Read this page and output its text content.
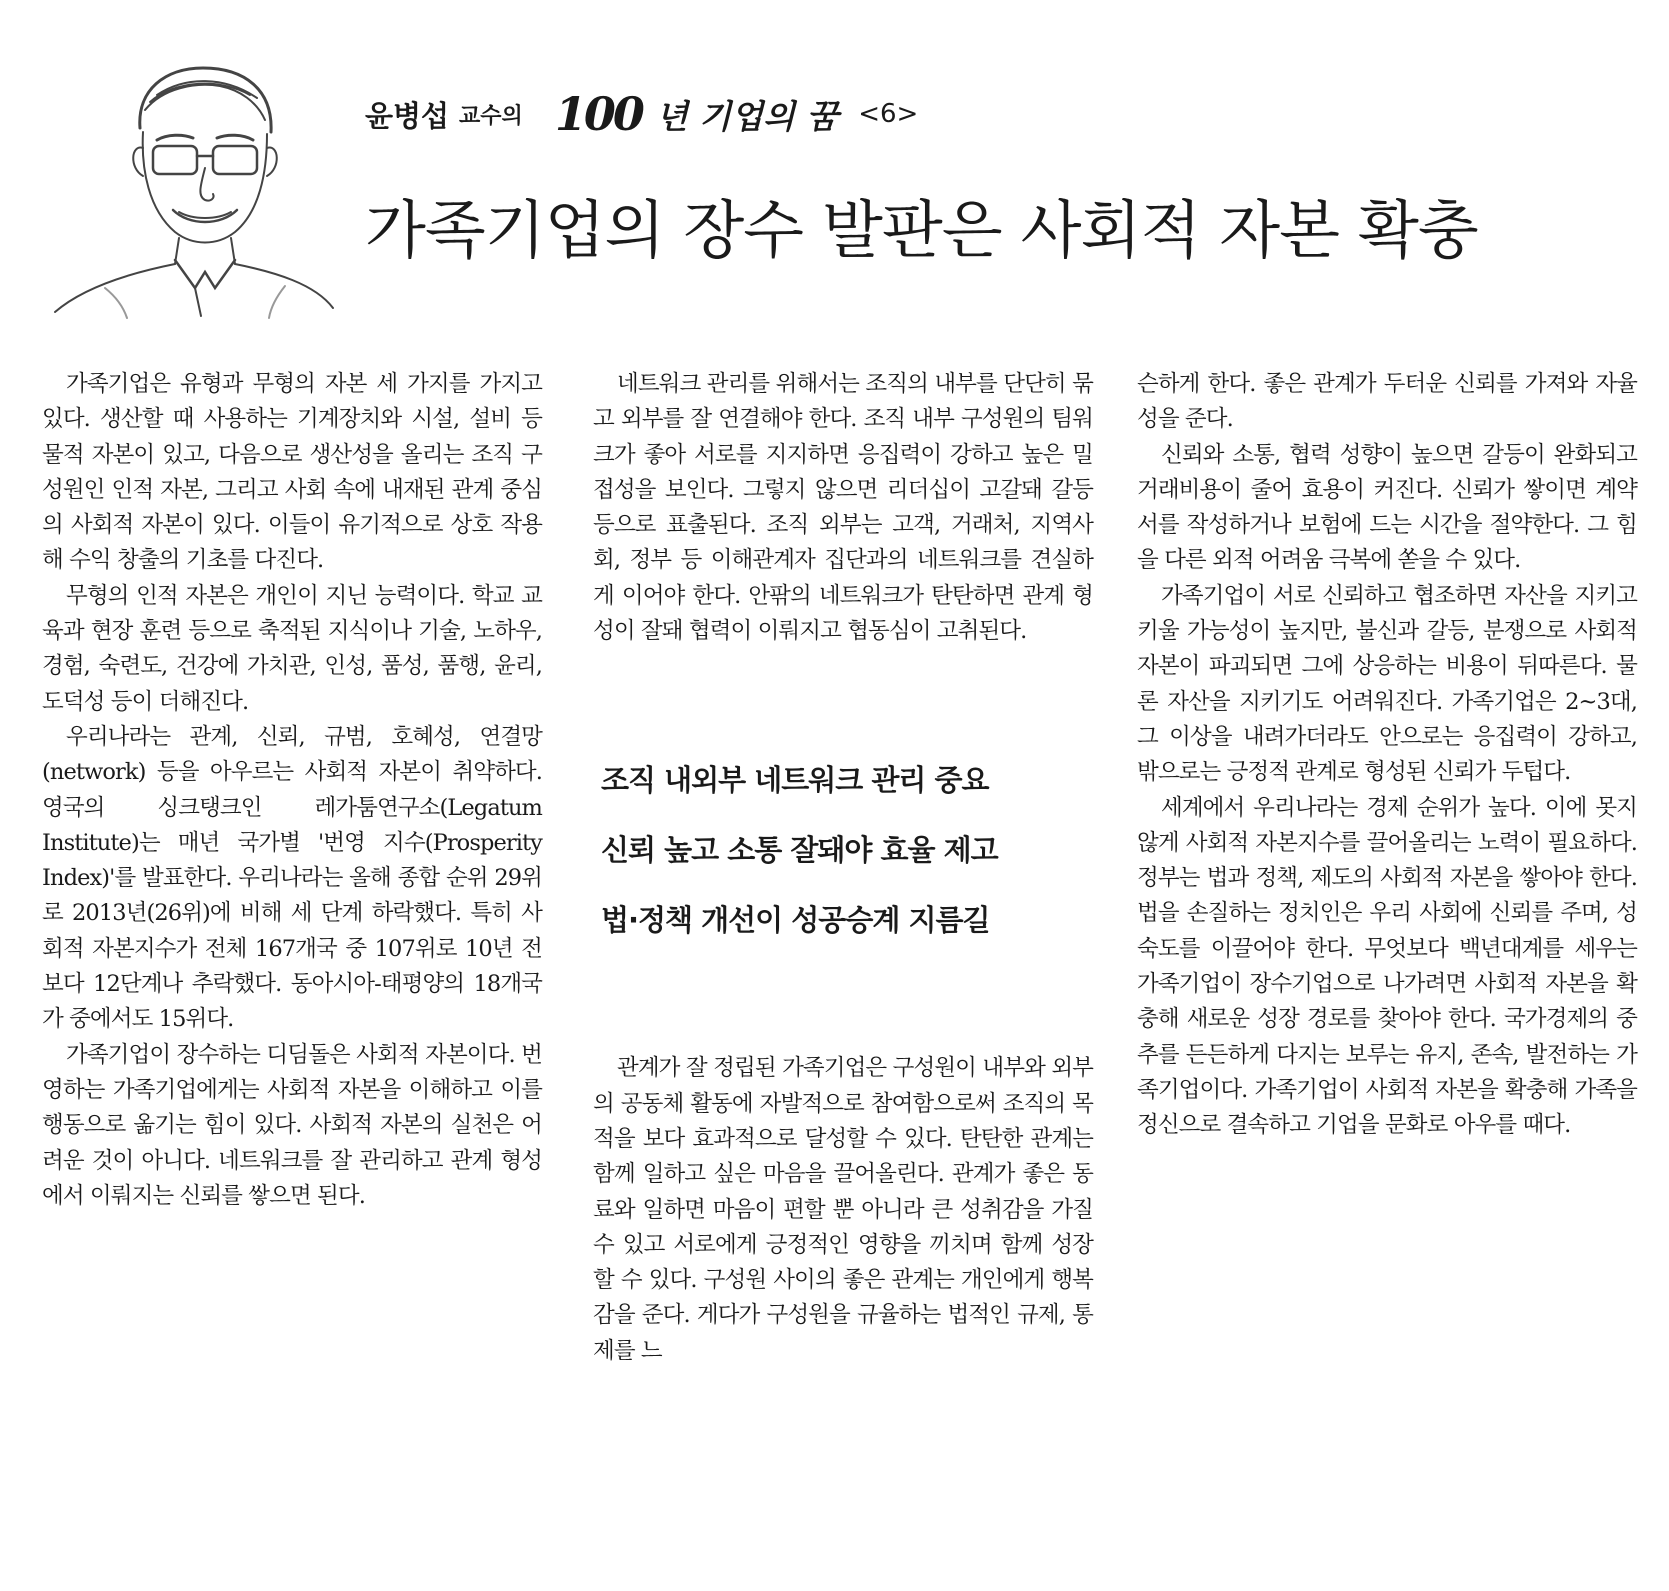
윤병섭 교수의 100 년 기업의 꿈 <6>
가족기업의 장수 발판은 사회적 자본 확충

가족기업은 유형과 무형의 자본 세 가지를 가지고 있다. 생산할 때 사용하는 기계장치와 시설, 설비 등 물적 자본이 있고, 다음으로 생산성을 올리는 조직 구성원인 인적 자본, 그리고 사회 속에 내재된 관계 중심의 사회적 자본이 있다. 이들이 유기적으로 상호 작용해 수익 창출의 기초를 다진다.

무형의 인적 자본은 개인이 지닌 능력이다. 학교 교육과 현장 훈련 등으로 축적된 지식이나 기술, 노하우, 경험, 숙련도, 건강에 가치관, 인성, 품성, 품행, 윤리, 도덕성 등이 더해진다.

우리나라는 관계, 신뢰, 규범, 호혜성, 연결망(network) 등을 아우르는 사회적 자본이 취약하다. 영국의 싱크탱크인 레가툼연구소(Legatum Institute)는 매년 국가별 '번영 지수(Prosperity Index)'를 발표한다. 우리나라는 올해 종합 순위 29위로 2013년(26위)에 비해 세 단계 하락했다. 특히 사회적 자본지수가 전체 167개국 중 107위로 10년 전보다 12단계나 추락했다. 동아시아-태평양의 18개국가 중에서도 15위다.

가족기업이 장수하는 디딤돌은 사회적 자본이다. 번영하는 가족기업에게는 사회적 자본을 이해하고 이를 행동으로 옮기는 힘이 있다. 사회적 자본의 실천은 어려운 것이 아니다. 네트워크를 잘 관리하고 관계 형성에서 이뤄지는 신뢰를 쌓으면 된다.

네트워크 관리를 위해서는 조직의 내부를 단단히 묶고 외부를 잘 연결해야 한다. 조직 내부 구성원의 팀워크가 좋아 서로를 지지하면 응집력이 강하고 높은 밀접성을 보인다. 그렇지 않으면 리더십이 고갈돼 갈등 등으로 표출된다. 조직 외부는 고객, 거래처, 지역사회, 정부 등 이해관계자 집단과의 네트워크를 견실하게 이어야 한다. 안팎의 네트워크가 탄탄하면 관계 형성이 잘돼 협력이 이뤄지고 협동심이 고취된다.

조직 내외부 네트워크 관리 중요
신뢰 높고 소통 잘돼야 효율 제고
법·정책 개선이 성공승계 지름길

관계가 잘 정립된 가족기업은 구성원이 내부와 외부의 공동체 활동에 자발적으로 참여함으로써 조직의 목적을 보다 효과적으로 달성할 수 있다. 탄탄한 관계는 함께 일하고 싶은 마음을 끌어올린다. 관계가 좋은 동료와 일하면 마음이 편할 뿐 아니라 큰 성취감을 가질 수 있고 서로에게 긍정적인 영향을 끼치며 함께 성장할 수 있다. 구성원 사이의 좋은 관계는 개인에게 행복감을 준다. 게다가 구성원을 규율하는 법적인 규제, 통제를 느

슨하게 한다. 좋은 관계가 두터운 신뢰를 가져와 자율성을 준다.

신뢰와 소통, 협력 성향이 높으면 갈등이 완화되고 거래비용이 줄어 효용이 커진다. 신뢰가 쌓이면 계약서를 작성하거나 보험에 드는 시간을 절약한다. 그 힘을 다른 외적 어려움 극복에 쏟을 수 있다.

가족기업이 서로 신뢰하고 협조하면 자산을 지키고 키울 가능성이 높지만, 불신과 갈등, 분쟁으로 사회적 자본이 파괴되면 그에 상응하는 비용이 뒤따른다. 물론 자산을 지키기도 어려워진다. 가족기업은 2~3대, 그 이상을 내려가더라도 안으로는 응집력이 강하고, 밖으로는 긍정적 관계로 형성된 신뢰가 두텁다.

세계에서 우리나라는 경제 순위가 높다. 이에 못지않게 사회적 자본지수를 끌어올리는 노력이 필요하다. 정부는 법과 정책, 제도의 사회적 자본을 쌓아야 한다. 법을 손질하는 정치인은 우리 사회에 신뢰를 주며, 성숙도를 이끌어야 한다. 무엇보다 백년대계를 세우는 가족기업이 장수기업으로 나가려면 사회적 자본을 확충해 새로운 성장 경로를 찾아야 한다. 국가경제의 중추를 든든하게 다지는 보루는 유지, 존속, 발전하는 가족기업이다. 가족기업이 사회적 자본을 확충해 가족을 정신으로 결속하고 기업을 문화로 아우를 때다.
